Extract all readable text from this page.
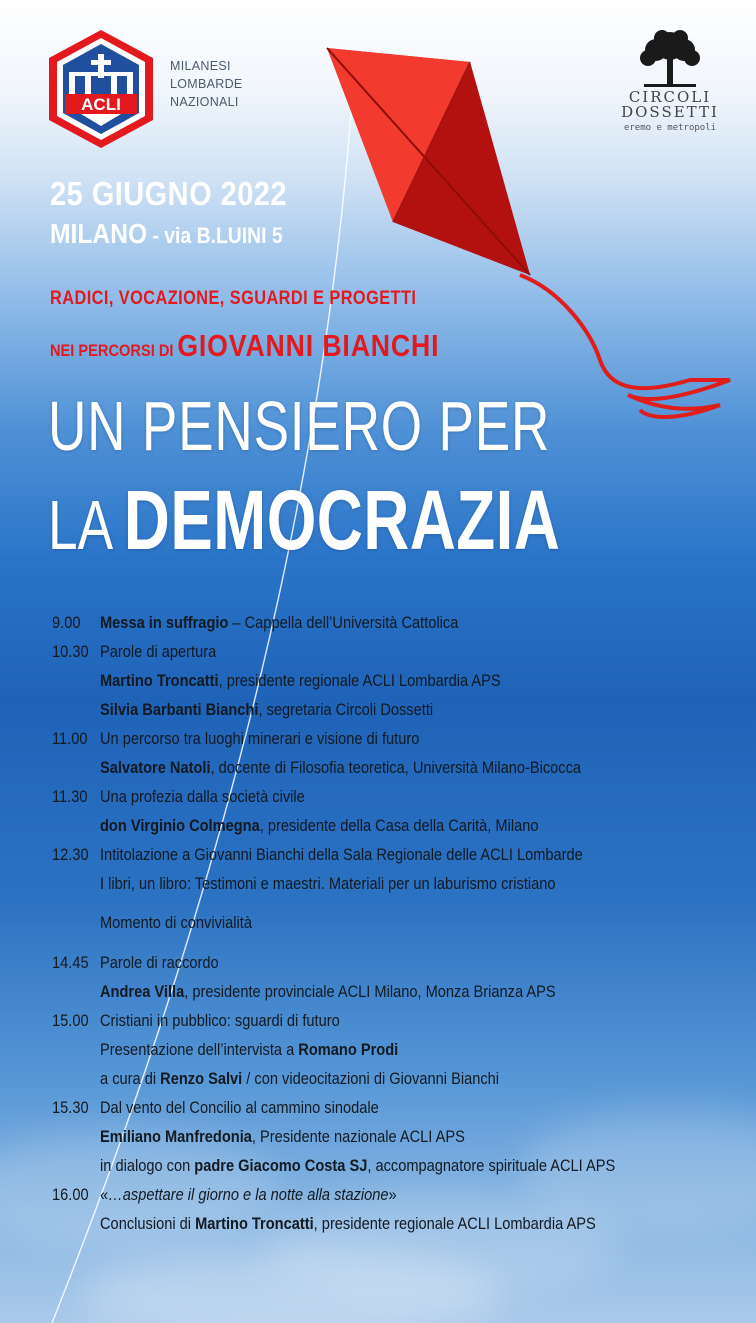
ACLI
MILANESI
LOMBARDE
NAZIONALI	CIRCOLI
DOSSETTI
eremo e metropoli
25 GIUGNO 2022
MILANO - via B.LUINI 5
RADICI, VOCAZIONE, SGUARDI E PROGETTI
NEI PERCORSI DI GIOVANNI BIANCHI
UN PENSIERO PER
LA DEMOCRAZIA
9.00	Messa in suffragio – Cappella dell’Università Cattolica
10.30 Parole di apertura
Martino Troncatti, presidente regionale ACLI Lombardia APS
Silvia Barbanti Bianchi, segretaria Circoli Dossetti
11.00 Un percorso tra luoghi minerari e visione di futuro
Salvatore Natoli, docente di Filosofia teoretica, Università Milano-Bicocca
11.30 Una profezia dalla società civile
don Virginio Colmegna, presidente della Casa della Carità, Milano
12.30 Intitolazione a Giovanni Bianchi della Sala Regionale delle ACLI Lombarde
I libri, un libro: Testimoni e maestri. Materiali per un laburismo cristiano
Momento di convivialità
14.45 Parole di raccordo
Andrea Villa, presidente provinciale ACLI Milano, Monza Brianza APS
15.00 Cristiani in pubblico: sguardi di futuro
Presentazione dell’intervista a Romano Prodi
a cura di Renzo Salvi / con videocitazioni di Giovanni Bianchi
15.30 Dal vento del Concilio al cammino sinodale
Emiliano Manfredonia, Presidente nazionale ACLI APS
in dialogo con padre Giacomo Costa SJ, accompagnatore spirituale ACLI APS
16.00 «…aspettare il giorno e la notte alla stazione»
Conclusioni di Martino Troncatti, presidente regionale ACLI Lombardia APS
